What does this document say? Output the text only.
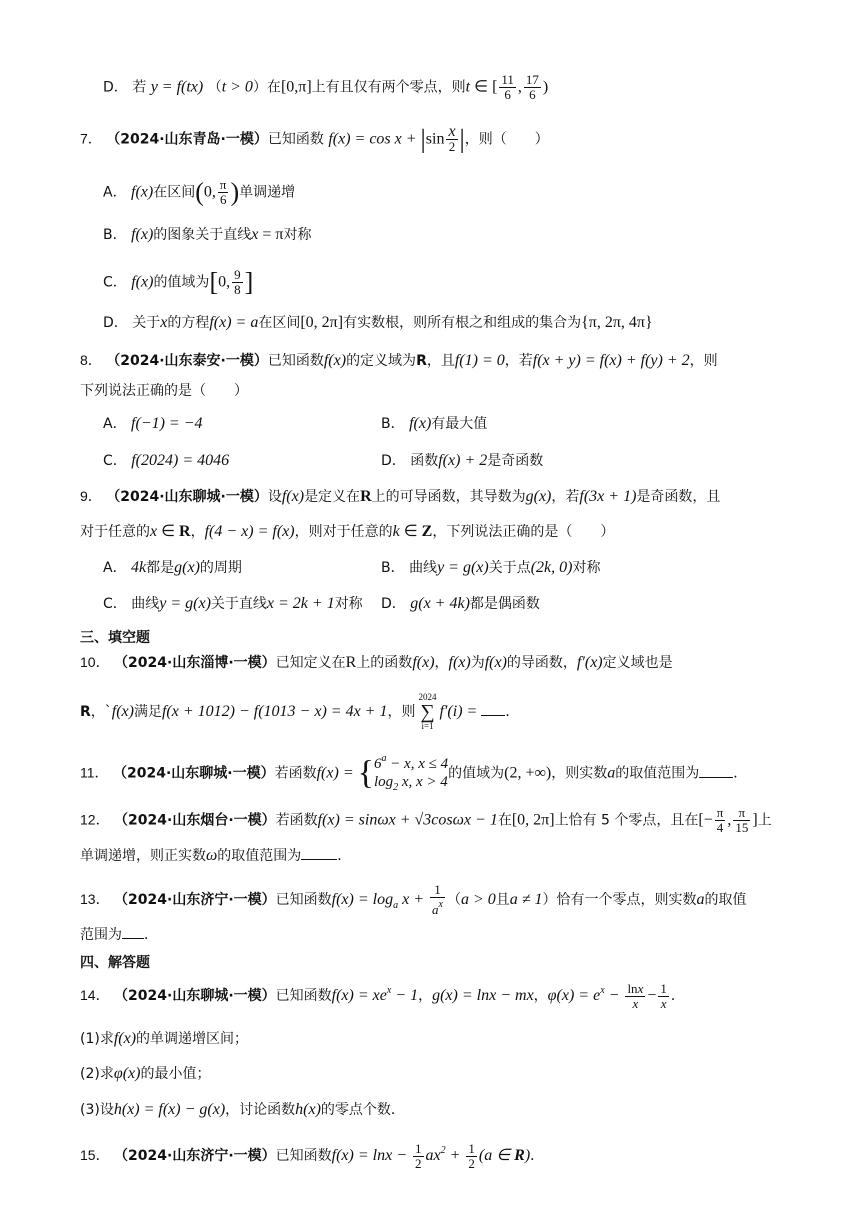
D． 若 y = f(tx) （t > 0）在[0,π]上有且仅有两个零点，则t ∈ [ $\frac{11}{6}$ , $\frac{17}{6}$ )
7． （2024·山东青岛·一模）已知函数 $f(x) = \cos x + |\sin \frac{x}{2}$ |，则（　　）
A． f(x)在区间(0, $\frac{\pi}{6}$ )单调递增
B． f(x)的图象关于直线x = π对称
C． f(x)的值域为[0, $\frac{9}{8}$ ]
D． 关于x的方程f(x) = a在区间[0, 2π]有实数根，则所有根之和组成的集合为{π, 2π, 4π}
8． （2024·山东泰安·一模）已知函数f(x)的定义域为R，且f(1) = 0，若f(x + y) = f(x) + f(y) + 2，则
下列说法正确的是（　　）
A． f(−1) = −4	B． f(x)有最大值
C． f(2024) = 4046	D． 函数f(x) + 2是奇函数
9． （2024·山东聊城·一模）设f(x)是定义在R上的可导函数，其导数为g(x)，若f(3x + 1)是奇函数，且
对于任意的x ∈ R，f(4 − x) = f(x)，则对于任意的k ∈ Z，下列说法正确的是（　　）
A． 4k都是g(x)的周期	B． 曲线y = g(x)关于点(2k, 0)对称
C． 曲线y = g(x)关于直线x = 2k + 1对称 D． g(x + 4k)都是偶函数
三、填空题
10． （2024·山东淄博·一模）已知定义在R上的函数f(x)，f(x)为f(x)的导函数，f′(x)定义域也是
R，`f(x)满足f(x + 1012) − f(1013 − x) = 4x + 1，则
2024
∑
i=1
f′(i) = ．
11． （2024·山东聊城·一模）若函数f(x) = { $6^a - x$, x ≤ 4
$\log_2 x$, x > 4
的值域为(2, +∞)，则实数a的取值范围为 ．
12． （2024·山东烟台·一模）若函数f(x) = sinωx + √3cosωx − 1在[0, 2π]上恰有 5 个零点，且在[− $\frac{\pi}{4}$ , $\frac{\pi}{15}$ ]上
单调递增，则正实数ω的取值范围为	．
13． （2024·山东济宁·一模）已知函数$f(x) = \log_a x + \frac{1}{a^x} (a > 0$且a ≠ 1）恰有一个零点，则实数a的取值
范围为 ．
四、解答题
14． （2024·山东聊城·一模）已知函数$f(x) = xe^x - 1$，g(x) = lnx − mx，$\varphi(x) = e^x - \frac{\ln x}{x} - \frac{1}{x}$ ．
(1)求f(x)的单调递增区间；
(2)求φ(x)的最小值；
(3)设h(x) = f(x) − g(x)，讨论函数h(x)的零点个数．
15． （2024·山东济宁·一模）已知函数$f(x) = \ln x - \frac{1}{2} ax^2 + \frac{1}{2} (a$ ∈ R)．
